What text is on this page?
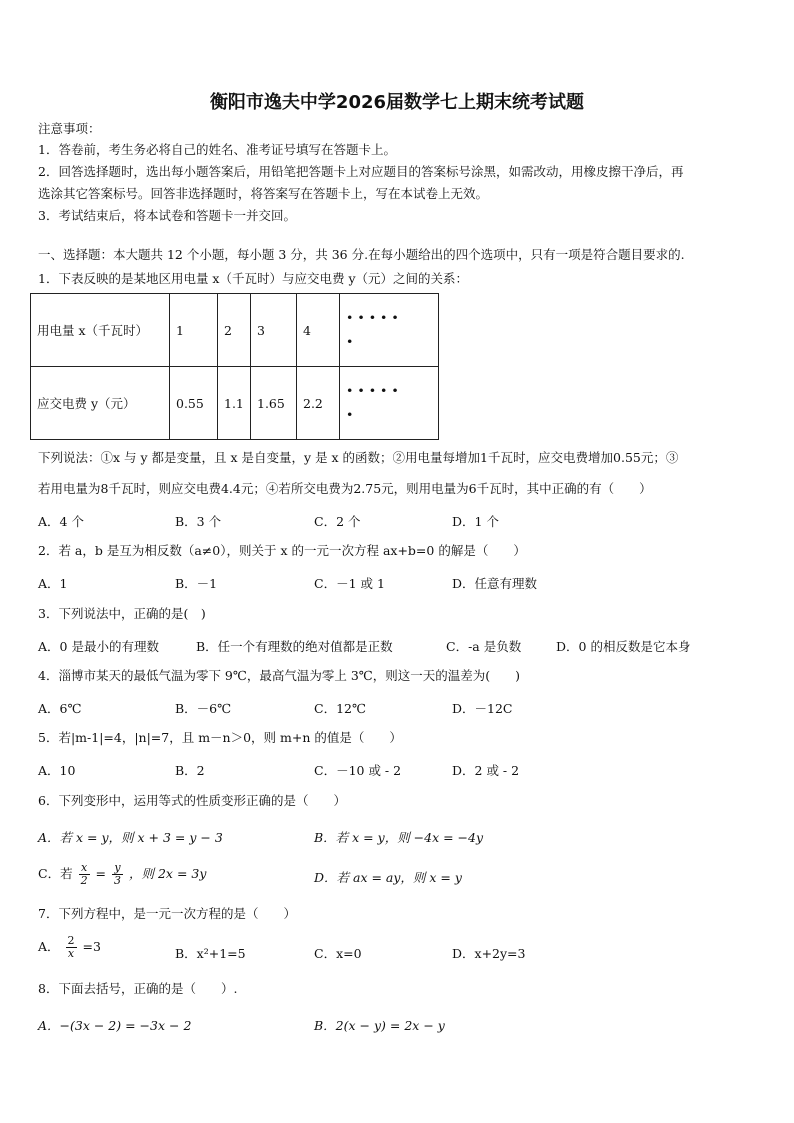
衡阳市逸夫中学2026届数学七上期末统考试题
注意事项：
1．答卷前，考生务必将自己的姓名、准考证号填写在答题卡上。
2．回答选择题时，选出每小题答案后，用铅笔把答题卡上对应题目的答案标号涂黑，如需改动，用橡皮擦干净后，再
选涂其它答案标号。回答非选择题时，将答案写在答题卡上，写在本试卷上无效。
3．考试结束后，将本试卷和答题卡一并交回。
一、选择题：本大题共 12 个小题，每小题 3 分，共 36 分.在每小题给出的四个选项中，只有一项是符合题目要求的.
1．下表反映的是某地区用电量 x（千瓦时）与应交电费 y（元）之间的关系：
用电量 x（千瓦时）	1	2	3	4	• • • • •
•
应交电费 y（元）	0.55	1.1	1.65	2.2	• • • • •
•
下列说法：①x 与 y 都是变量，且 x 是自变量，y 是 x 的函数；②用电量每增加1千瓦时，应交电费增加0.55元；③
若用电量为8千瓦时，则应交电费4.4元；④若所交电费为2.75元，则用电量为6千瓦时，其中正确的有（　　）
A．4 个	B．3 个	C．2 个	D．1 个
2．若 a，b 是互为相反数（a≠0），则关于 x 的一元一次方程 ax+b=0 的解是（　　）
A．1	B．－1	C．－1 或 1	D．任意有理数
3．下列说法中，正确的是(　)
A．0 是最小的有理数	B．任一个有理数的绝对值都是正数	C．-a 是负数	D．0 的相反数是它本身
4．淄博市某天的最低气温为零下 9℃，最高气温为零上 3℃，则这一天的温差为(　　)
A．6℃	B．－6℃	C．12℃	D．－12C
5．若|m-1|=4，|n|=7，且 m－n＞0，则 m+n 的值是（　　）
A．10	B．2	C．－10 或 - 2	D．2 或 - 2
6．下列变形中，运用等式的性质变形正确的是（　　）
A．若 x = y，则 x + 3 = y − 3	B．若 x = y，则 −4x = −4y
C．若 $\frac{x}{2} = \frac{y}{3}$ ，则 2x = 3y	D．若 ax = ay，则 x = y
7．下列方程中，是一元一次方程的是（　　）
A． $\frac{2}{x} =3$	B．x²+1=5	C．x=0	D．x+2y=3
8．下面去括号，正确的是（　　）.
A．−(3x − 2) = −3x − 2	B．2(x − y) = 2x − y
